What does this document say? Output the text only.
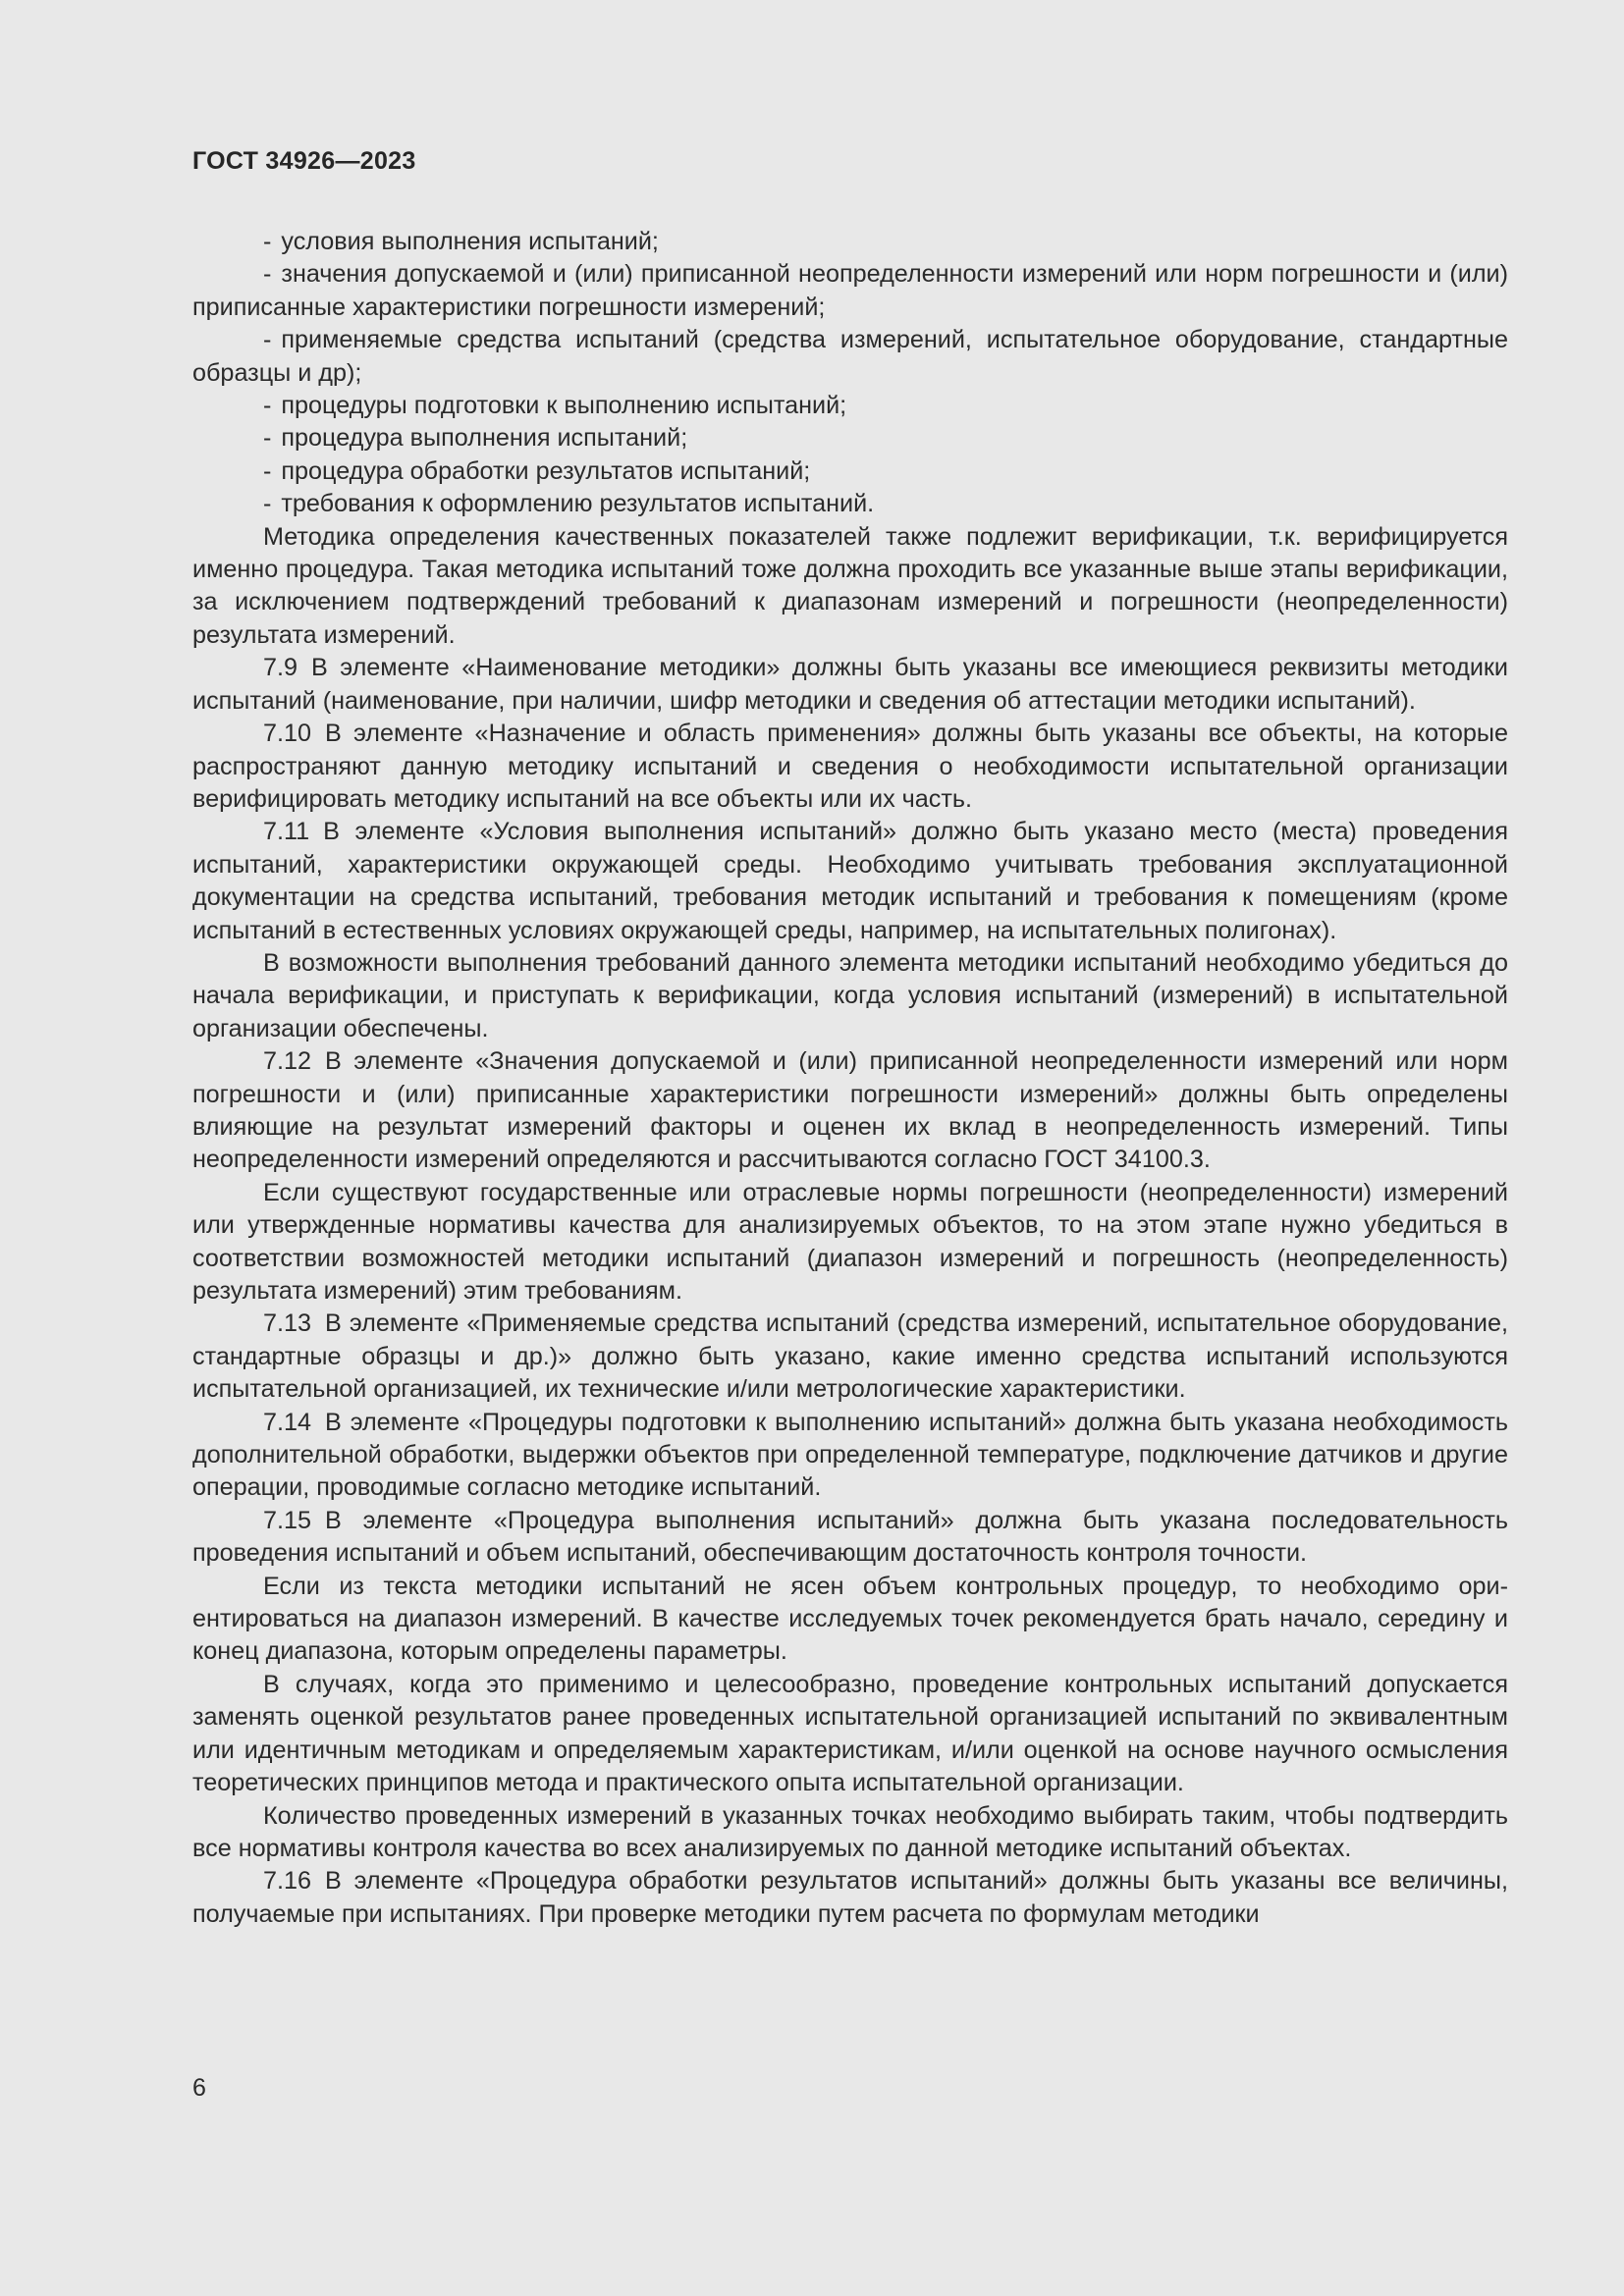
ГОСТ 34926—2023

- условия выполнения испытаний;

- значения допускаемой и (или) приписанной неопределенности измерений или норм погрешности и (или) приписанные характеристики погрешности измерений;

- применяемые средства испытаний (средства измерений, испытательное оборудование, стандартные образцы и др);

- процедуры подготовки к выполнению испытаний;

- процедура выполнения испытаний;

- процедура обработки результатов испытаний;

- требования к оформлению результатов испытаний.

Методика определения качественных показателей также подлежит верификации, т.к. верифицируется именно процедура. Такая методика испытаний тоже должна проходить все указанные выше этапы верификации, за исключением подтверждений требований к диапазонам измерений и погрешности (неопределенности) результата измерений.

7.9 В элементе «Наименование методики» должны быть указаны все имеющиеся реквизиты методики испытаний (наименование, при наличии, шифр методики и сведения об аттестации методики испытаний).

7.10 В элементе «Назначение и область применения» должны быть указаны все объекты, на которые распространяют данную методику испытаний и сведения о необходимости испытательной организации верифицировать методику испытаний на все объекты или их часть.

7.11 В элементе «Условия выполнения испытаний» должно быть указано место (места) проведения испытаний, характеристики окружающей среды. Необходимо учитывать требования эксплуатационной документации на средства испытаний, требования методик испытаний и требования к помещениям (кроме испытаний в естественных условиях окружающей среды, например, на испытательных полигонах).

В возможности выполнения требований данного элемента методики испытаний необходимо убедиться до начала верификации, и приступать к верификации, когда условия испытаний (измерений) в испытательной организации обеспечены.

7.12 В элементе «Значения допускаемой и (или) приписанной неопределенности измерений или норм погрешности и (или) приписанные характеристики погрешности измерений» должны быть определены влияющие на результат измерений факторы и оценен их вклад в неопределенность измерений. Типы неопределенности измерений определяются и рассчитываются согласно ГОСТ 34100.3.

Если существуют государственные или отраслевые нормы погрешности (неопределенности) измерений или утвержденные нормативы качества для анализируемых объектов, то на этом этапе нужно убедиться в соответствии возможностей методики испытаний (диапазон измерений и погрешность (неопределенность) результата измерений) этим требованиям.

7.13 В элементе «Применяемые средства испытаний (средства измерений, испытательное оборудование, стандартные образцы и др.)» должно быть указано, какие именно средства испытаний используются испытательной организацией, их технические и/или метрологические характеристики.

7.14 В элементе «Процедуры подготовки к выполнению испытаний» должна быть указана необходимость дополнительной обработки, выдержки объектов при определенной температуре, подключение датчиков и другие операции, проводимые согласно методике испытаний.

7.15 В элементе «Процедура выполнения испытаний» должна быть указана последовательность проведения испытаний и объем испытаний, обеспечивающим достаточность контроля точности.

Если из текста методики испытаний не ясен объем контрольных процедур, то необходимо ориентироваться на диапазон измерений. В качестве исследуемых точек рекомендуется брать начало, середину и конец диапазона, которым определены параметры.

В случаях, когда это применимо и целесообразно, проведение контрольных испытаний допускается заменять оценкой результатов ранее проведенных испытательной организацией испытаний по эквивалентным или идентичным методикам и определяемым характеристикам, и/или оценкой на основе научного осмысления теоретических принципов метода и практического опыта испытательной организации.

Количество проведенных измерений в указанных точках необходимо выбирать таким, чтобы подтвердить все нормативы контроля качества во всех анализируемых по данной методике испытаний объектах.

7.16 В элементе «Процедура обработки результатов испытаний» должны быть указаны все величины, получаемые при испытаниях. При проверке методики путем расчета по формулам методики

6
